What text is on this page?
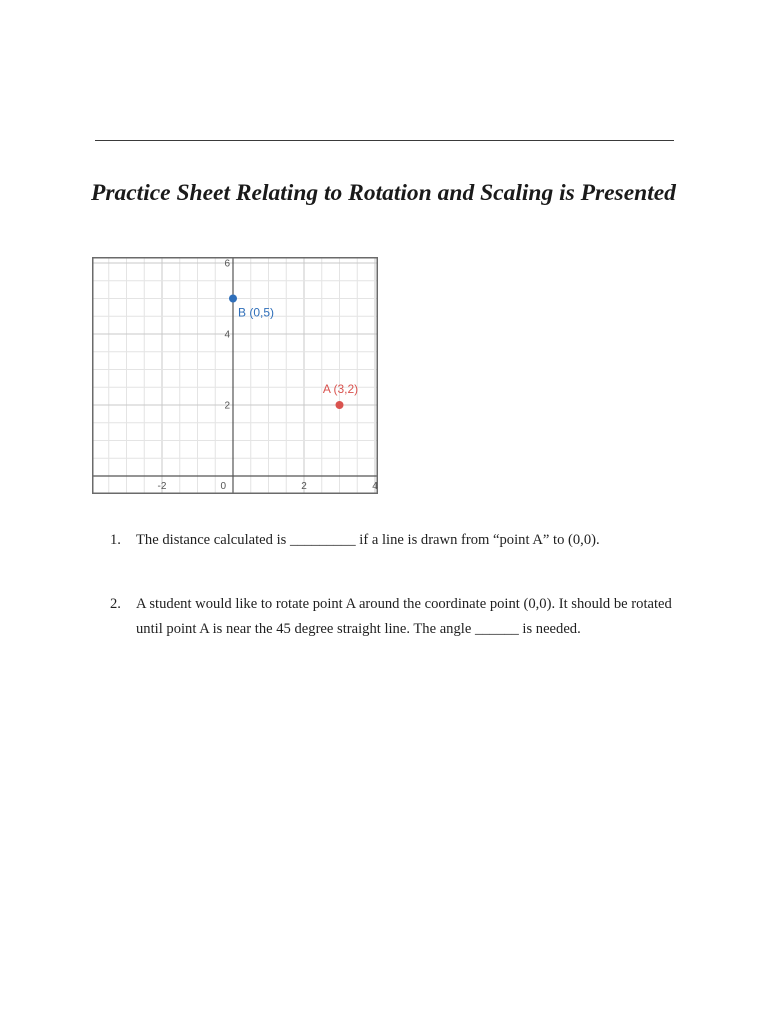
Practice Sheet Relating to Rotation and Scaling is Presented
-2	0	2	4
2
4
6
B (0,5)
A (3,2)
1. The distance calculated is _________ if a line is drawn from “point A” to (0,0).
2. A student would like to rotate point A around the coordinate point (0,0). It should be rotated until point A is near the 45 degree straight line. The angle ______ is needed.
